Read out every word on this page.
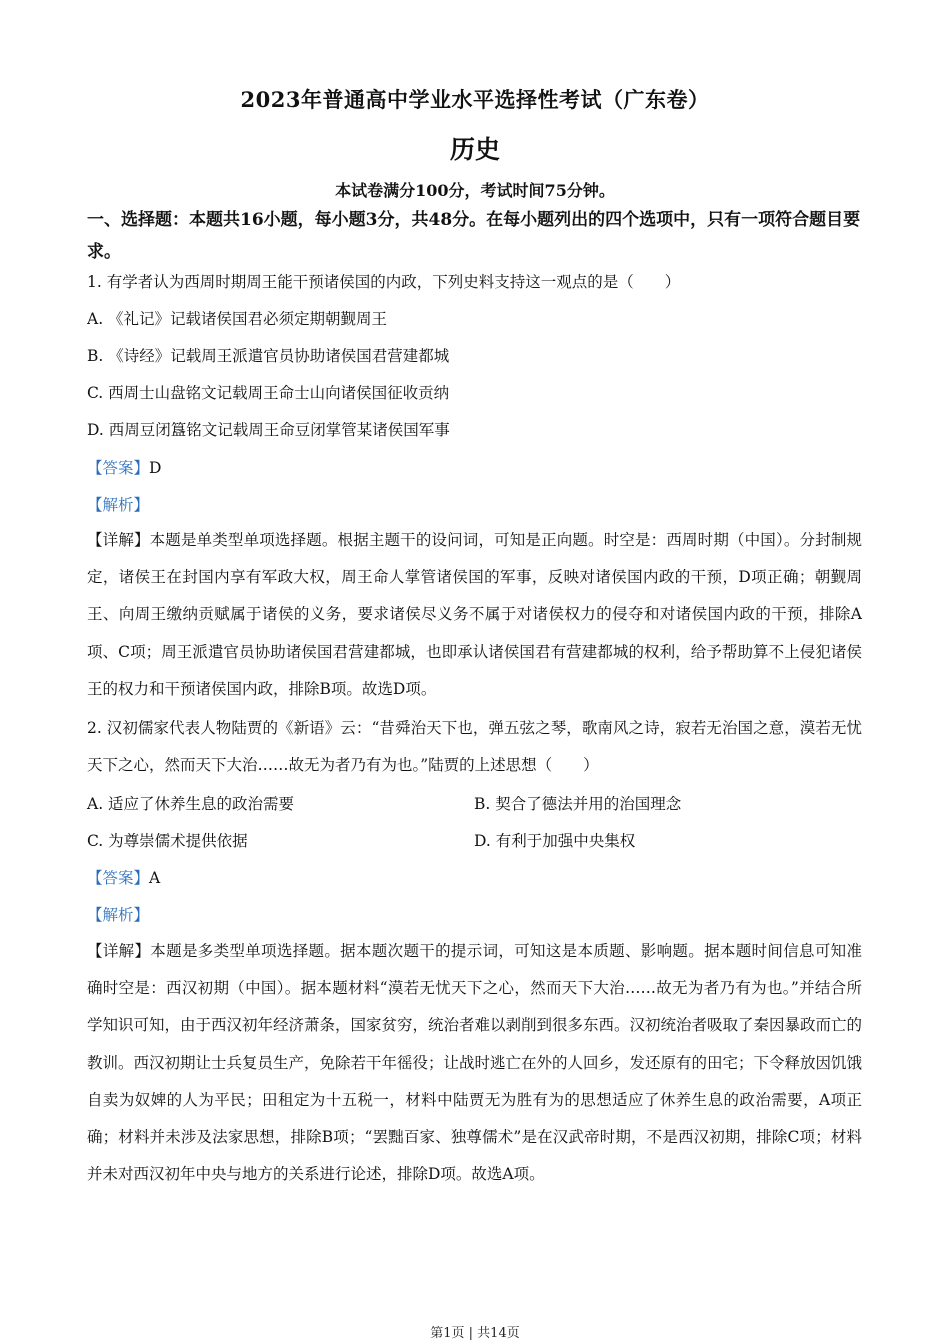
2023年普通高中学业水平选择性考试（广东卷）
历史
本试卷满分100分，考试时间75分钟。
一、选择题：本题共16小题，每小题3分，共48分。在每小题列出的四个选项中，只有一项符合题目要求。
1. 有学者认为西周时期周王能干预诸侯国的内政，下列史料支持这一观点的是（　　）
A. 《礼记》记载诸侯国君必须定期朝觐周王
B. 《诗经》记载周王派遣官员协助诸侯国君营建都城
C. 西周士山盘铭文记载周王命士山向诸侯国征收贡纳
D. 西周豆闭簋铭文记载周王命豆闭掌管某诸侯国军事
【答案】D
【解析】
【详解】本题是单类型单项选择题。根据主题干的设问词，可知是正向题。时空是：西周时期（中国）。分封制规定，诸侯王在封国内享有军政大权，周王命人掌管诸侯国的军事，反映对诸侯国内政的干预，D项正确；朝觐周王、向周王缴纳贡赋属于诸侯的义务，要求诸侯尽义务不属于对诸侯权力的侵夺和对诸侯国内政的干预，排除A项、C项；周王派遣官员协助诸侯国君营建都城，也即承认诸侯国君有营建都城的权利，给予帮助算不上侵犯诸侯王的权力和干预诸侯国内政，排除B项。故选D项。
2. 汉初儒家代表人物陆贾的《新语》云：“昔舜治天下也，弹五弦之琴，歌南风之诗，寂若无治国之意，漠若无忧天下之心，然而天下大治……故无为者乃有为也。”陆贾的上述思想（　　）
A. 适应了休养生息的政治需要	B. 契合了德法并用的治国理念
C. 为尊崇儒术提供依据	D. 有利于加强中央集权
【答案】A
【解析】
【详解】本题是多类型单项选择题。据本题次题干的提示词，可知这是本质题、影响题。据本题时间信息可知准确时空是：西汉初期（中国）。据本题材料“漠若无忧天下之心，然而天下大治……故无为者乃有为也。”并结合所学知识可知，由于西汉初年经济萧条，国家贫穷，统治者难以剥削到很多东西。汉初统治者吸取了秦因暴政而亡的教训。西汉初期让士兵复员生产，免除若干年徭役；让战时逃亡在外的人回乡，发还原有的田宅；下令释放因饥饿自卖为奴婢的人为平民；田租定为十五税一，材料中陆贾无为胜有为的思想适应了休养生息的政治需要，A项正确；材料并未涉及法家思想，排除B项；“罢黜百家、独尊儒术”是在汉武帝时期，不是西汉初期，排除C项；材料并未对西汉初年中央与地方的关系进行论述，排除D项。故选A项。
第1页 | 共14页
